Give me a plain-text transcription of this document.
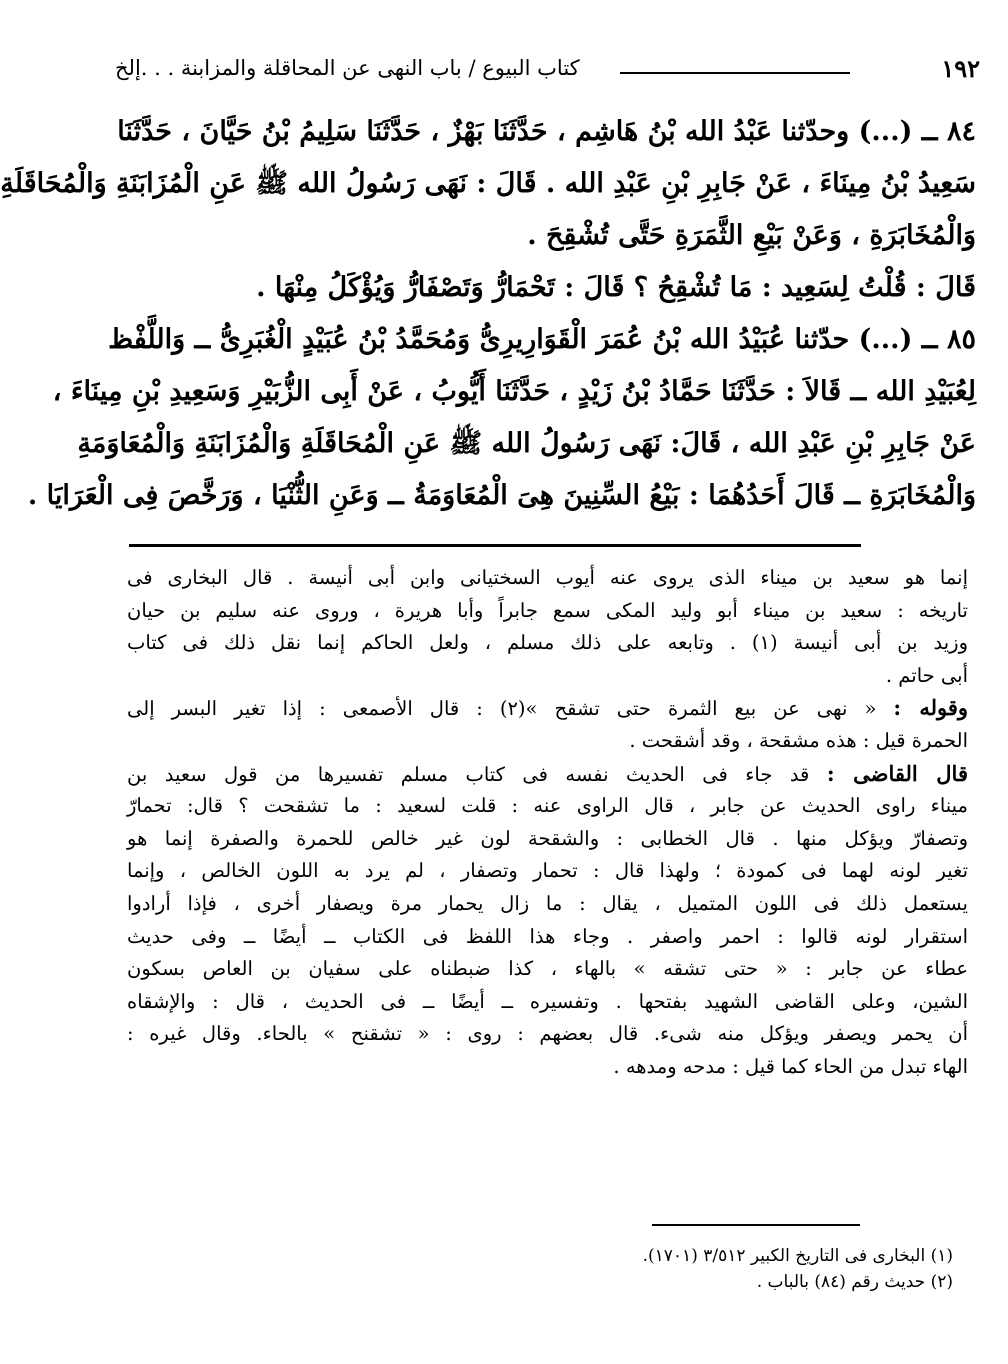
كتاب البيوع / باب النهى عن المحاقلة والمزابنة . . .إلخ	١٩٢
٨٤ ــ (...) وحدّثنا عَبْدُ الله بْنُ هَاشِم ، حَدَّثَنَا بَهْزٌ ، حَدَّثَنَا سَلِيمُ بْنُ حَيَّانَ ، حَدَّثَنَا
سَعِيدُ بْنُ مِينَاءَ ، عَنْ جَابِرِ بْنِ عَبْدِ الله . قَالَ : نَهَى رَسُولُ الله ﷺ عَنِ الْمُزَابَنَةِ وَالْمُحَاقَلَةِ
وَالْمُخَابَرَةِ ، وَعَنْ بَيْعِ الثَّمَرَةِ حَتَّى تُشْقِحَ .
قَالَ : قُلْتُ لِسَعِيد : مَا تُشْقِحُ ؟ قَالَ : تَحْمَارُّ وَتَصْفَارُّ وَيُؤْكَلُ مِنْهَا .
٨٥ ــ (...) حدّثنا عُبَيْدُ الله بْنُ عُمَرَ الْقَوَارِيرِىُّ وَمُحَمَّدُ بْنُ عُبَيْدٍ الْغُبَرِىُّ ــ وَاللَّفْظ
لِعُبَيْدِ الله ــ قَالاَ : حَدَّثَنَا حَمَّادُ بْنُ زَيْدٍ ، حَدَّثَنَا أَيُّوبُ ، عَنْ أَبِى الزُّبَيْرِ وَسَعِيدِ بْنِ مِينَاءَ ،
عَنْ جَابِرِ بْنِ عَبْدِ الله ، قَالَ: نَهَى رَسُولُ الله ﷺ عَنِ الْمُحَاقَلَةِ وَالْمُزَابَنَةِ وَالْمُعَاوَمَةِ
وَالْمُخَابَرَةِ ــ قَالَ أَحَدُهُمَا : بَيْعُ السِّنِينَ هِىَ الْمُعَاوَمَةُ ــ وَعَنِ الثُّنْيَا ، وَرَخَّصَ فِى الْعَرَايَا .
إنما هو سعيد بن ميناء الذى يروى عنه أيوب السختيانى وابن أبى أنيسة . قال البخارى فى
تاريخه : سعيد بن ميناء أبو وليد المكى سمع جابراً وأبا هريرة ، وروى عنه سليم بن حيان
وزيد بن أبى أنيسة (١) . وتابعه على ذلك مسلم ، ولعل الحاكم إنما نقل ذلك فى كتاب
أبى حاتم .
وقوله : « نهى عن بيع الثمرة حتى تشقح »(٢) : قال الأصمعى : إذا تغير البسر إلى
الحمرة قيل : هذه مشقحة ، وقد أشقحت .
قال القاضى : قد جاء فى الحديث نفسه فى كتاب مسلم تفسيرها من قول سعيد بن
ميناء راوى الحديث عن جابر ، قال الراوى عنه : قلت لسعيد : ما تشقحت ؟ قال: تحمارّ
وتصفارّ ويؤكل منها . قال الخطابى : والشقحة لون غير خالص للحمرة والصفرة إنما هو
تغير لونه لهما فى كمودة ؛ ولهذا قال : تحمار وتصفار ، لم يرد به اللون الخالص ، وإنما
يستعمل ذلك فى اللون المتميل ، يقال : ما زال يحمار مرة ويصفار أخرى ، فإذا أرادوا
استقرار لونه قالوا : احمر واصفر . وجاء هذا اللفظ فى الكتاب ــ أيضًا ــ وفى حديث
عطاء عن جابر : « حتى تشقه » بالهاء ، كذا ضبطناه على سفيان بن العاص بسكون
الشين، وعلى القاضى الشهيد بفتحها . وتفسيره ــ أيضًا ــ فى الحديث ، قال : والإشقاه
أن يحمر ويصفر ويؤكل منه شىء. قال بعضهم : روى : « تشقنح » بالحاء. وقال غيره :
الهاء تبدل من الحاء كما قيل : مدحه ومدهه .
(١) البخارى فى التاريخ الكبير ٣/٥١٢ (١٧٠١).
(٢) حديث رقم (٨٤) بالباب .
